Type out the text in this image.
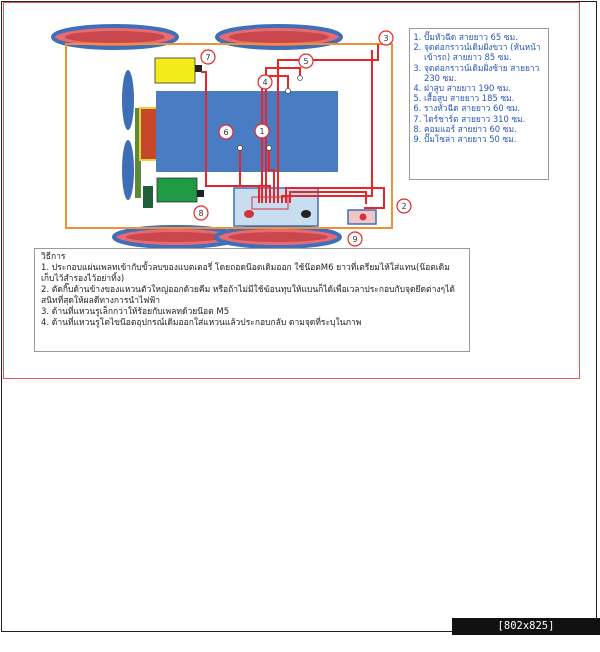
1
2
3
4
5
6
7
8
9
1. ปั๊มหัวฉีด สายยาว 65 ซม.
2. จุดต่อกราวน์เดิมฝั่งขวา (หันหน้าเข้ารถ) สายยาว 85 ซม.
3. จุดต่อกราวน์เดิมฝั่งซ้าย สายยาว 230 ซม.
4. ฝาสูบ สายยาว 190 ซม.
5. เสื้อสูบ สายยาว 185 ซม.
6. รางหัวฉีด สายยาว 60 ซม.
7. ไดร์ชาร์ต สายยาว 310 ซม.
8. คอมแอร์ สายยาว 60 ซม.
9. ปั๊มโซล่า สายยาว 50 ซม.

วิธีการ

1. ประกอบแผ่นเพลทเข้ากับขั้วลบของแบตเตอรี่ โดยถอดน๊อตเดิมออก ใช้น๊อตM6 ยาวที่เตรียมไห้ใส่แทน(น๊อตเดิมเก็บไว้สำรองไว้อย่าทิ้ง)

2. ตัดกิ๊บด้านข้างของแหวนตัวใหญ่ออกด้วยคีม หรือถ้าไม่มีใช้ฆ้อนทุบให้แบนก็ได้เพื่อเวลาประกอบกับจุดยึดต่างๆได้สนิทที่สุดให้ผลดีทางการนำไฟฟ้า

3. ด้านที่แหวนรูเล็กกว่าให้ร้อยกับเพลทด้วยน๊อต M5

4. ด้านที่แหวนรูโตไขน๊อตอุปกรณ์เดิมออกใส่แหวนแล้วประกอบกลับ ตามจุดที่ระบุในภาพ

[802x825] http://upic.me/
